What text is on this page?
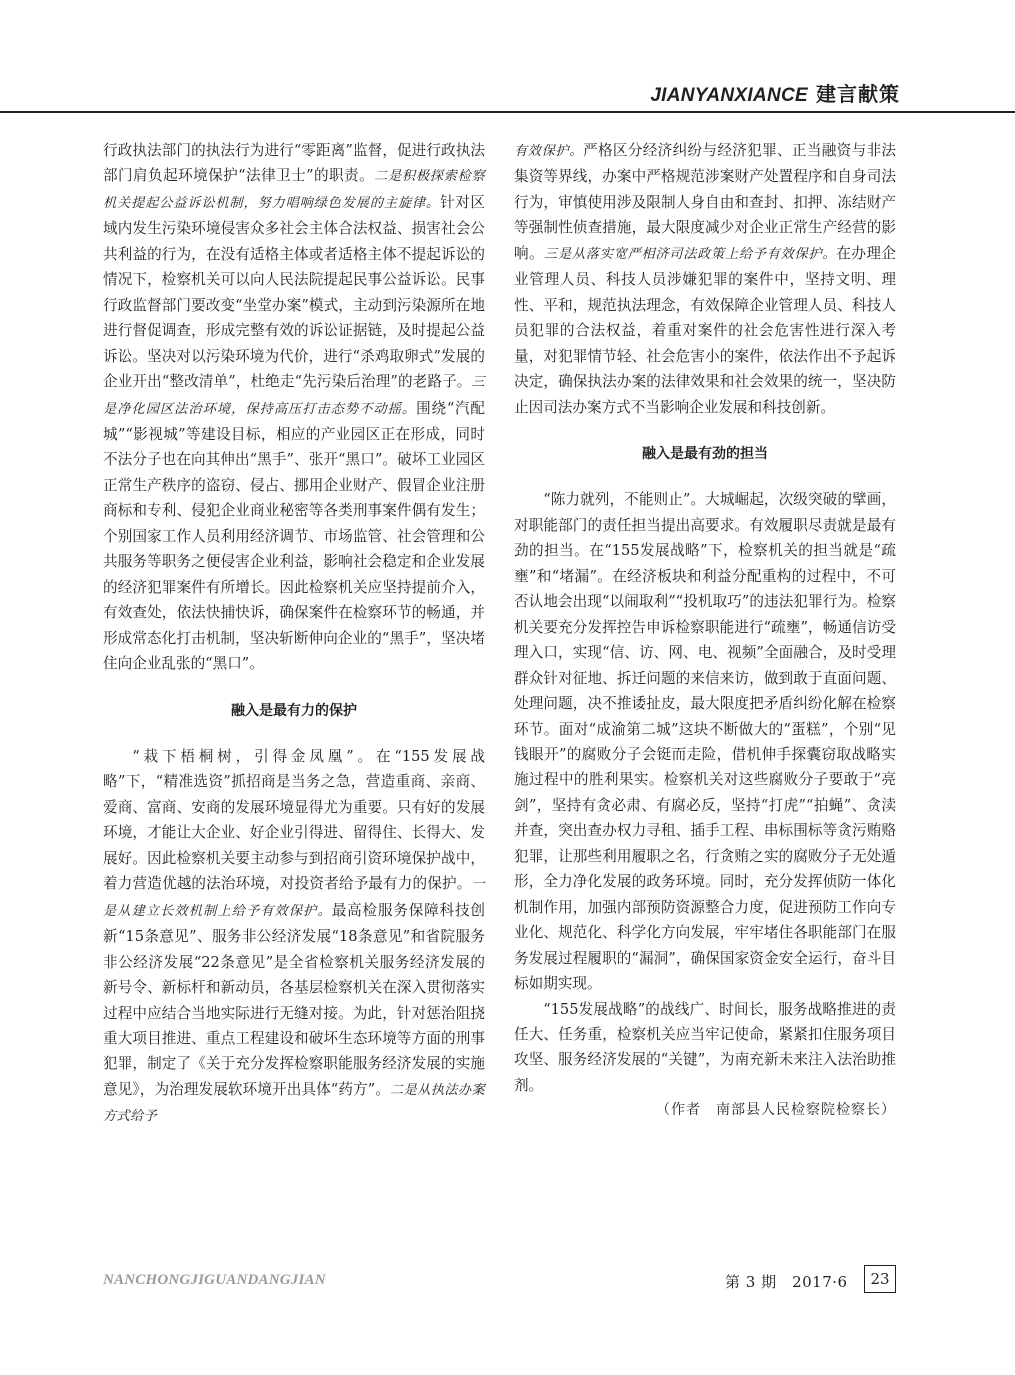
JIANYANXIANCE 建言献策

行政执法部门的执法行为进行“零距离”监督，促进行政执法部门肩负起环境保护“法律卫士”的职责。二是积极探索检察机关提起公益诉讼机制，努力唱响绿色发展的主旋律。针对区域内发生污染环境侵害众多社会主体合法权益、损害社会公共利益的行为，在没有适格主体或者适格主体不提起诉讼的情况下，检察机关可以向人民法院提起民事公益诉讼。民事行政监督部门要改变“坐堂办案”模式，主动到污染源所在地进行督促调查，形成完整有效的诉讼证据链，及时提起公益诉讼。坚决对以污染环境为代价，进行“杀鸡取卵式”发展的企业开出“整改清单”，杜绝走“先污染后治理”的老路子。三是净化园区法治环境，保持高压打击态势不动摇。围绕“汽配城”“影视城”等建设目标，相应的产业园区正在形成，同时不法分子也在向其伸出“黑手”、张开“黑口”。破坏工业园区正常生产秩序的盗窃、侵占、挪用企业财产、假冒企业注册商标和专利、侵犯企业商业秘密等各类刑事案件偶有发生；个别国家工作人员利用经济调节、市场监管、社会管理和公共服务等职务之便侵害企业利益，影响社会稳定和企业发展的经济犯罪案件有所增长。因此检察机关应坚持提前介入，有效查处，依法快捕快诉，确保案件在检察环节的畅通，并形成常态化打击机制，坚决斩断伸向企业的“黑手”，坚决堵住向企业乱张的“黑口”。

融入是最有力的保护

“栽下梧桐树，引得金凤凰”。在“155发展战略”下，“精准选资”抓招商是当务之急，营造重商、亲商、爱商、富商、安商的发展环境显得尤为重要。只有好的发展环境，才能让大企业、好企业引得进、留得住、长得大、发展好。因此检察机关要主动参与到招商引资环境保护战中，着力营造优越的法治环境，对投资者给予最有力的保护。一是从建立长效机制上给予有效保护。最高检服务保障科技创新“15条意见”、服务非公经济发展“18条意见”和省院服务非公经济发展“22条意见”是全省检察机关服务经济发展的新号令、新标杆和新动员，各基层检察机关在深入贯彻落实过程中应结合当地实际进行无缝对接。为此，针对惩治阻挠重大项目推进、重点工程建设和破坏生态环境等方面的刑事犯罪，制定了《关于充分发挥检察职能服务经济发展的实施意见》，为治理发展软环境开出具体“药方”。二是从执法办案方式给予

有效保护。严格区分经济纠纷与经济犯罪、正当融资与非法集资等界线，办案中严格规范涉案财产处置程序和自身司法行为，审慎使用涉及限制人身自由和查封、扣押、冻结财产等强制性侦查措施，最大限度减少对企业正常生产经营的影响。三是从落实宽严相济司法政策上给予有效保护。在办理企业管理人员、科技人员涉嫌犯罪的案件中，坚持文明、理性、平和，规范执法理念，有效保障企业管理人员、科技人员犯罪的合法权益，着重对案件的社会危害性进行深入考量，对犯罪情节轻、社会危害小的案件，依法作出不予起诉决定，确保执法办案的法律效果和社会效果的统一，坚决防止因司法办案方式不当影响企业发展和科技创新。

融入是最有劲的担当

“陈力就列，不能则止”。大城崛起，次级突破的擘画，对职能部门的责任担当提出高要求。有效履职尽责就是最有劲的担当。在“155发展战略”下，检察机关的担当就是“疏壅”和“堵漏”。在经济板块和利益分配重构的过程中，不可否认地会出现“以闹取利”“投机取巧”的违法犯罪行为。检察机关要充分发挥控告申诉检察职能进行“疏壅”，畅通信访受理入口，实现“信、访、网、电、视频”全面融合，及时受理群众针对征地、拆迁问题的来信来访，做到敢于直面问题、处理问题，决不推诿扯皮，最大限度把矛盾纠纷化解在检察环节。面对“成渝第二城”这块不断做大的“蛋糕”，个别“见钱眼开”的腐败分子会铤而走险，借机伸手探囊窃取战略实施过程中的胜利果实。检察机关对这些腐败分子要敢于“亮剑”，坚持有贪必肃、有腐必反，坚持“打虎”“拍蝇”、贪渎并查，突出查办权力寻租、插手工程、串标围标等贪污贿赂犯罪，让那些利用履职之名，行贪贿之实的腐败分子无处遁形，全力净化发展的政务环境。同时，充分发挥侦防一体化机制作用，加强内部预防资源整合力度，促进预防工作向专业化、规范化、科学化方向发展，牢牢堵住各职能部门在服务发展过程履职的“漏洞”，确保国家资金安全运行，奋斗目标如期实现。

“155发展战略”的战线广、时间长，服务战略推进的责任大、任务重，检察机关应当牢记使命，紧紧扣住服务项目攻坚、服务经济发展的“关键”，为南充新未来注入法治助推剂。

（作者　南部县人民检察院检察长）

NANCHONGJIGUANDANGJIAN	第 3 期　2017·6	23
